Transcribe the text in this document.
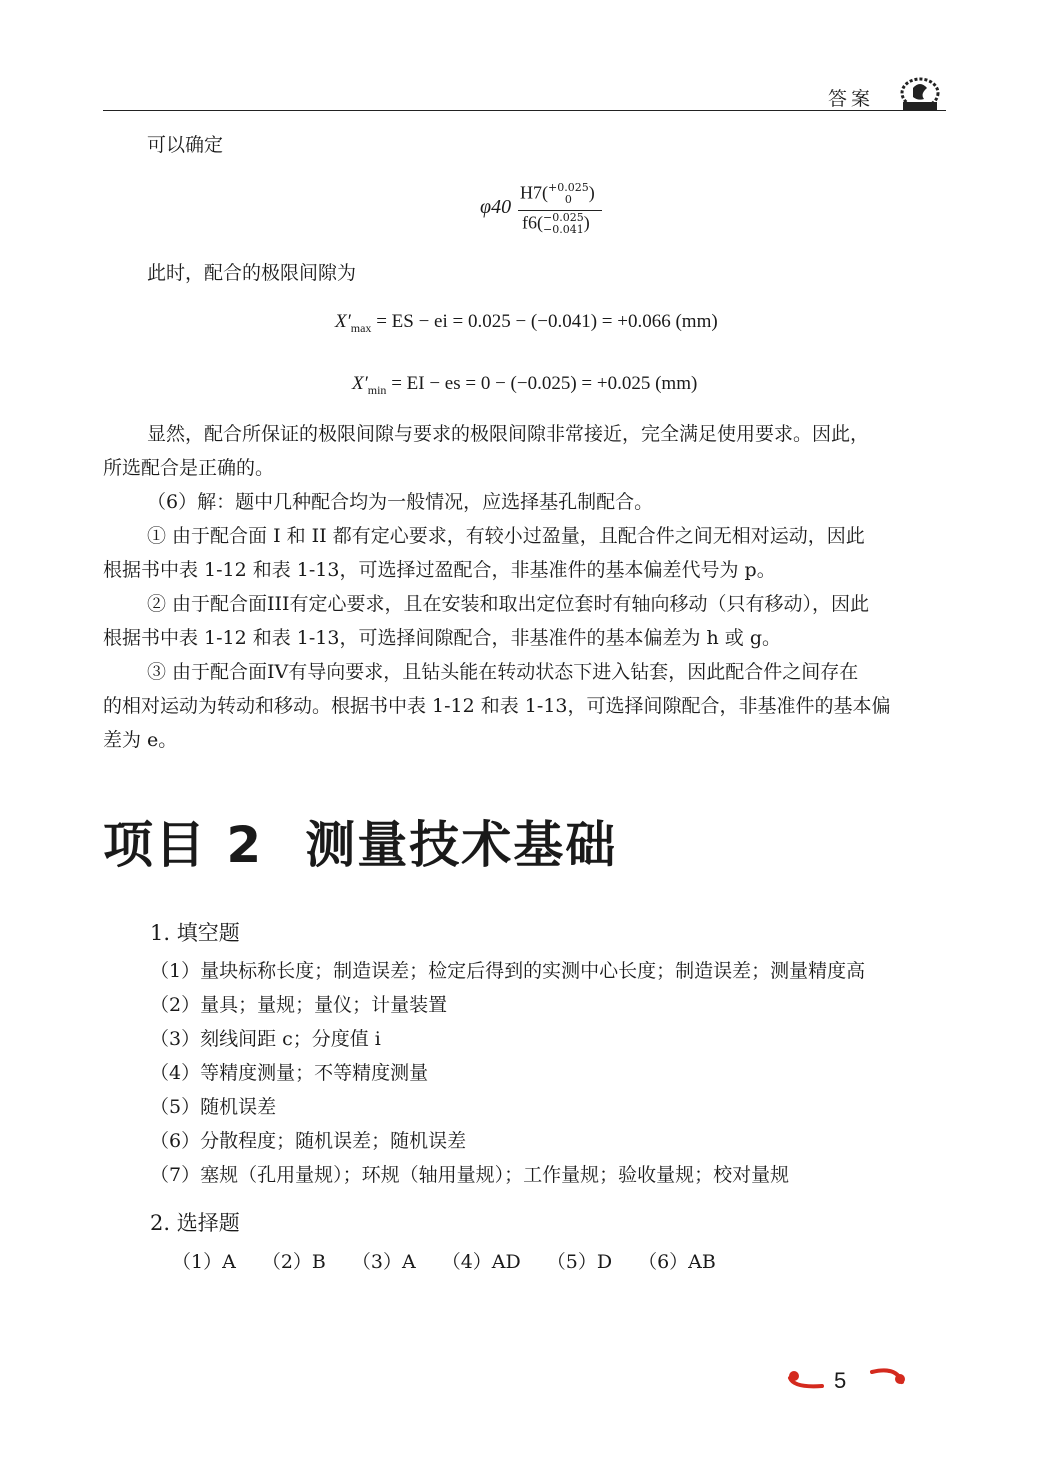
答案
可以确定
φ40
H7( +0.025
0 )
f6( −0.025
−0.041 )
此时，配合的极限间隙为
$X'_{max}$ = ES − ei = 0.025 − (−0.041) = +0.066 (mm)
$X'_{min}$ = EI − es = 0 − (−0.025) = +0.025 (mm)
显然，配合所保证的极限间隙与要求的极限间隙非常接近，完全满足使用要求。因此，
所选配合是正确的。
（6）解：题中几种配合均为一般情况，应选择基孔制配合。
① 由于配合面 I 和 II 都有定心要求，有较小过盈量，且配合件之间无相对运动，因此
根据书中表 1-12 和表 1-13，可选择过盈配合，非基准件的基本偏差代号为 p。
② 由于配合面III有定心要求，且在安装和取出定位套时有轴向移动（只有移动），因此
根据书中表 1-12 和表 1-13，可选择间隙配合，非基准件的基本偏差为 h 或 g。
③ 由于配合面IV有导向要求，且钻头能在转动状态下进入钻套，因此配合件之间存在
的相对运动为转动和移动。根据书中表 1-12 和表 1-13，可选择间隙配合，非基准件的基本偏
差为 e。
项目 2 测量技术基础
1. 填空题
（1）量块标称长度；制造误差；检定后得到的实测中心长度；制造误差；测量精度高
（2）量具；量规；量仪；计量装置
（3）刻线间距 c；分度值 i
（4）等精度测量；不等精度测量
（5）随机误差
（6）分散程度；随机误差；随机误差
（7）塞规（孔用量规）；环规（轴用量规）；工作量规；验收量规；校对量规
2. 选择题
（1）A （2）B （3）A （4）AD （5）D （6）AB
5
